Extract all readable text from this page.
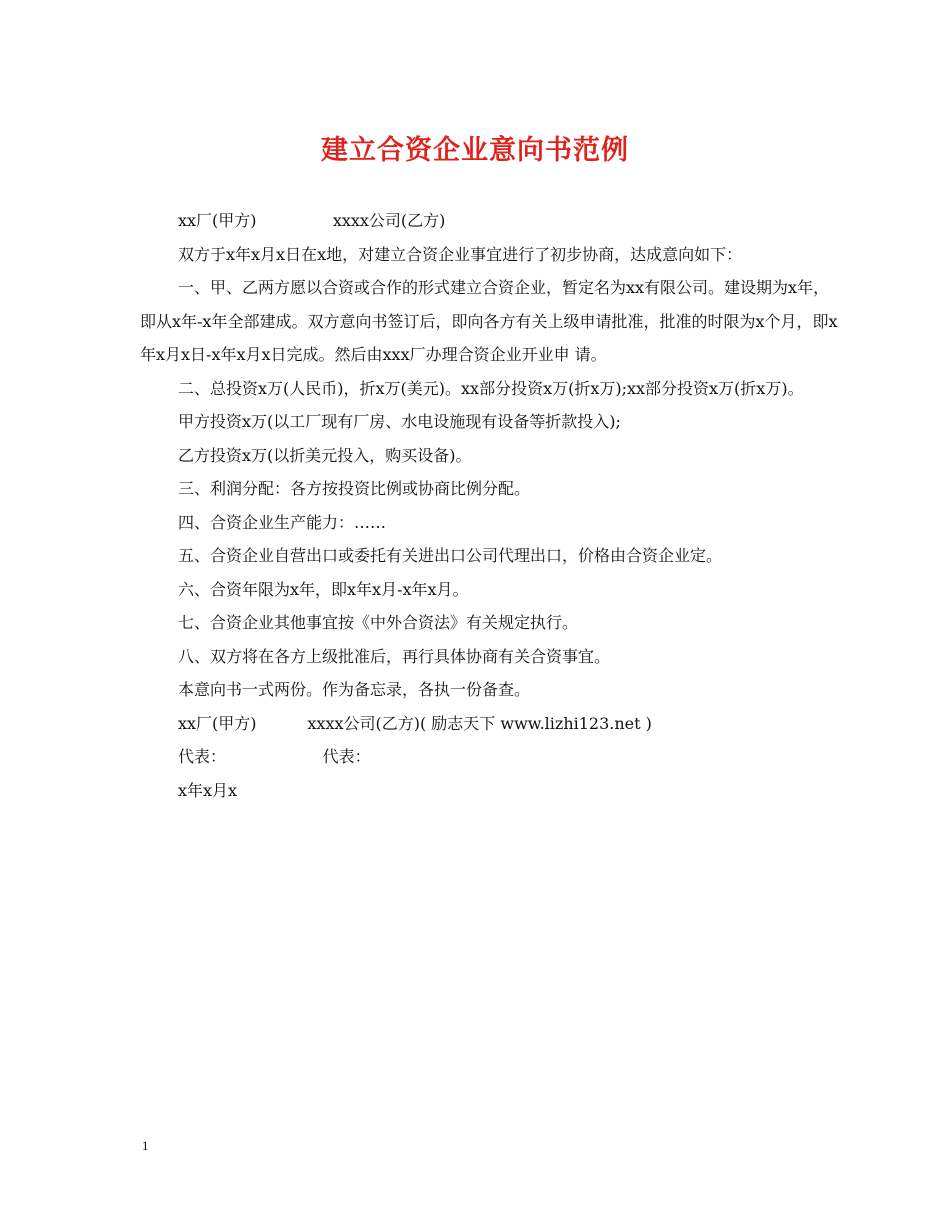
建立合资企业意向书范例

xx厂(甲方)               xxxx公司(乙方)

双方于x年x月x日在x地，对建立合资企业事宜进行了初步协商，达成意向如下：

一、甲、乙两方愿以合资或合作的形式建立合资企业，暂定名为xx有限公司。建设期为x年，即从x年-x年全部建成。双方意向书签订后，即向各方有关上级申请批准，批准的时限为x个月，即x年x月x日-x年x月x日完成。然后由xxx厂办理合资企业开业申 请。

二、总投资x万(人民币)，折x万(美元)。xx部分投资x万(折x万);xx部分投资x万(折x万)。

甲方投资x万(以工厂现有厂房、水电设施现有设备等折款投入);

乙方投资x万(以折美元投入，购买设备)。

三、利润分配：各方按投资比例或协商比例分配。

四、合资企业生产能力：……

五、合资企业自营出口或委托有关进出口公司代理出口，价格由合资企业定。

六、合资年限为x年，即x年x月-x年x月。

七、合资企业其他事宜按《中外合资法》有关规定执行。

八、双方将在各方上级批准后，再行具体协商有关合资事宜。

本意向书一式两份。作为备忘录，各执一份备查。

xx厂(甲方)          xxxx公司(乙方)( 励志天下 www.lizhi123.net )

代表：                   代表：

x年x月x

1
